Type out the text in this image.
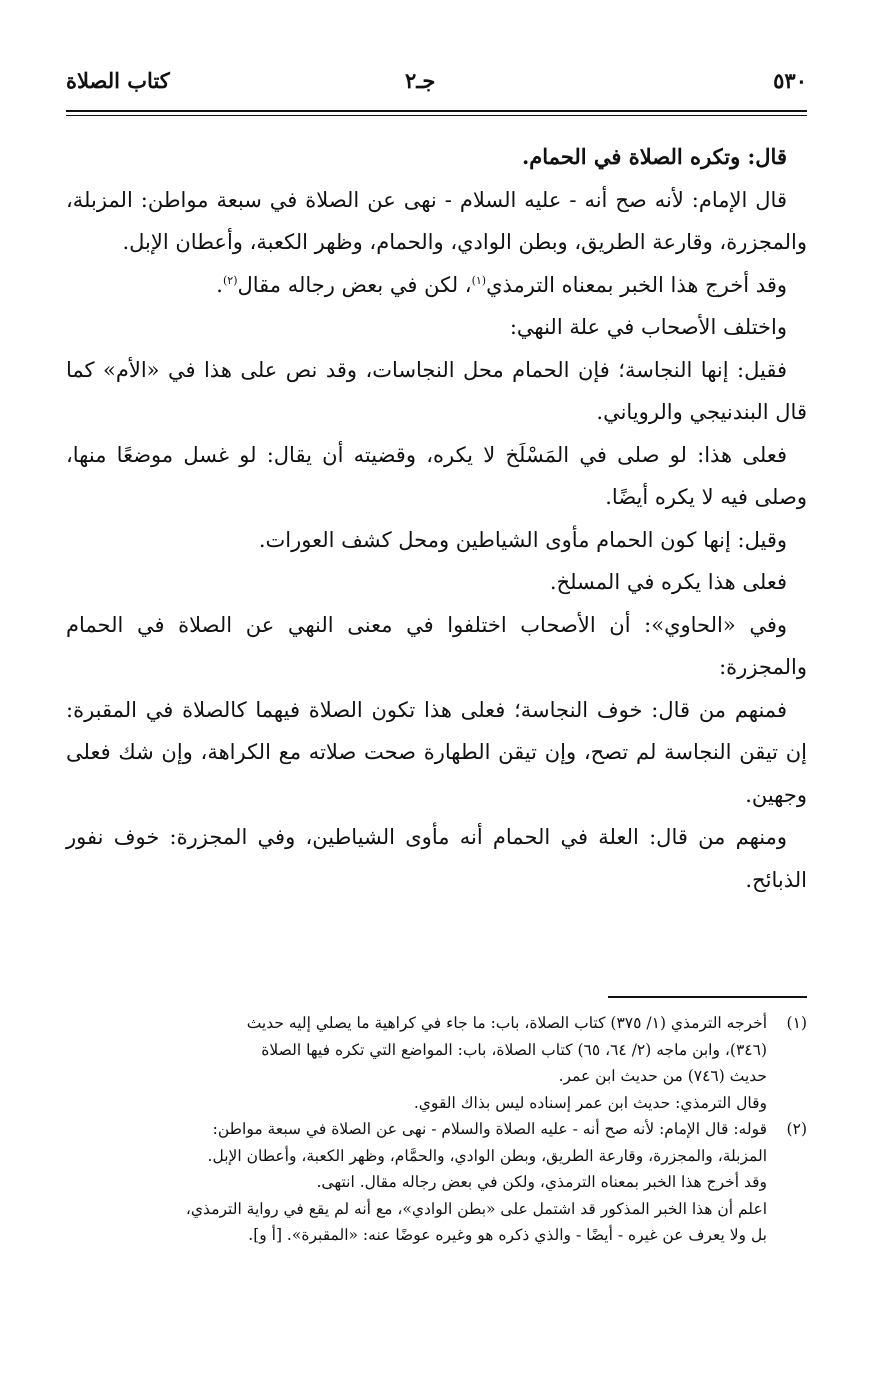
٥٣٠
جـ٢
كتاب الصلاة

قال: وتكره الصلاة في الحمام.

قال الإمام: لأنه صح أنه - عليه السلام - نهى عن الصلاة في سبعة مواطن: المزبلة، والمجزرة، وقارعة الطريق، وبطن الوادي، والحمام، وظهر الكعبة، وأعطان الإبل.

وقد أخرج هذا الخبر بمعناه الترمذي$^{(١)}$، لكن في بعض رجاله مقال$^{(٢)}$.

واختلف الأصحاب في علة النهي:

فقيل: إنها النجاسة؛ فإن الحمام محل النجاسات، وقد نص على هذا في «الأم» كما قال البندنيجي والروياني.

فعلى هذا: لو صلى في المَسْلَخ لا يكره، وقضيته أن يقال: لو غسل موضعًا منها، وصلى فيه لا يكره أيضًا.

وقيل: إنها كون الحمام مأوى الشياطين ومحل كشف العورات.

فعلى هذا يكره في المسلخ.

وفي «الحاوي»: أن الأصحاب اختلفوا في معنى النهي عن الصلاة في الحمام والمجزرة:

فمنهم من قال: خوف النجاسة؛ فعلى هذا تكون الصلاة فيهما كالصلاة في المقبرة: إن تيقن النجاسة لم تصح، وإن تيقن الطهارة صحت صلاته مع الكراهة، وإن شك فعلى وجهين.

ومنهم من قال: العلة في الحمام أنه مأوى الشياطين، وفي المجزرة: خوف نفور الذبائح.

(١)
أخرجه الترمذي (١/ ٣٧٥) كتاب الصلاة، باب: ما جاء في كراهية ما يصلي إليه حديث
(٣٤٦)، وابن ماجه (٢/ ٦٤، ٦٥) كتاب الصلاة، باب: المواضع التي تكره فيها الصلاة
حديث (٧٤٦) من حديث ابن عمر.
وقال الترمذي: حديث ابن عمر إسناده ليس بذاك القوي.
(٢)
قوله: قال الإمام: لأنه صح أنه - عليه الصلاة والسلام - نهى عن الصلاة في سبعة مواطن:
المزبلة، والمجزرة، وقارعة الطريق، وبطن الوادي، والحمَّام، وظهر الكعبة، وأعطان الإبل.
وقد أخرج هذا الخبر بمعناه الترمذي، ولكن في بعض رجاله مقال. انتهى.
اعلم أن هذا الخبر المذكور قد اشتمل على «بطن الوادي»، مع أنه لم يقع في رواية الترمذي،
بل ولا يعرف عن غيره - أيضًا - والذي ذكره هو وغيره عوضًا عنه: «المقبرة». [أ و].
